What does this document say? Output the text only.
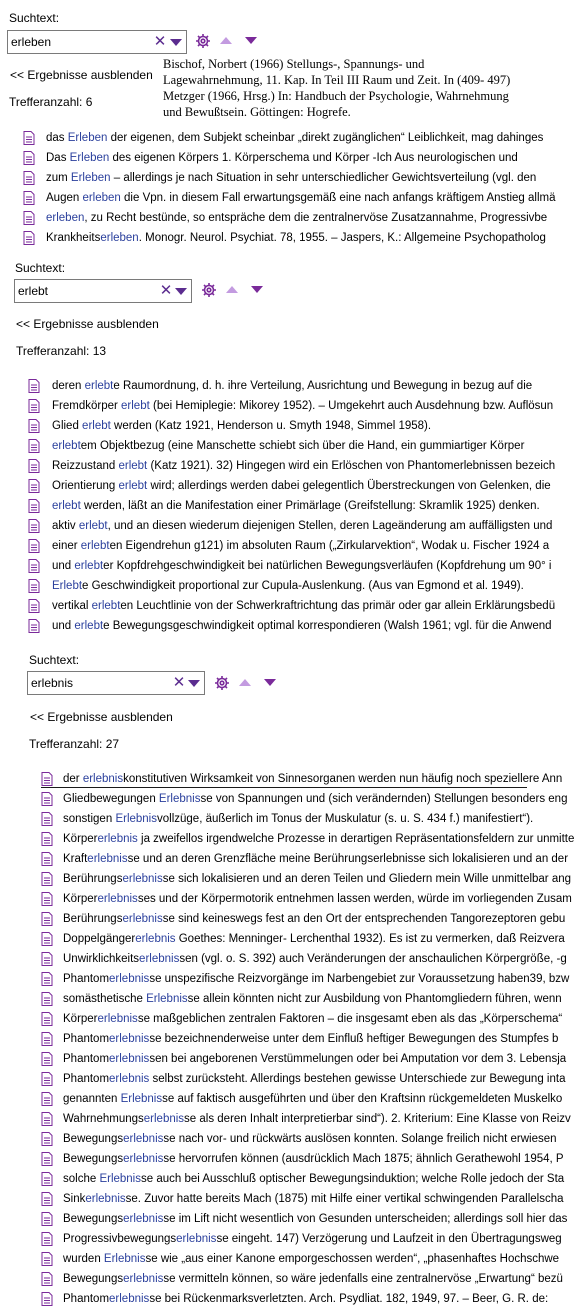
Suchtext:
erleben
✕
<< Ergebnisse ausblenden
Trefferanzahl: 6
das Erleben der eigenen, dem Subjekt scheinbar „direkt zugänglichen“ Leiblichkeit, mag dahinges
Das Erleben des eigenen Körpers 1. Körperschema und Körper -Ich Aus neurologischen und
zum Erleben – allerdings je nach Situation in sehr unterschiedlicher Gewichtsverteilung (vgl. den
Augen erleben die Vpn. in diesem Fall erwartungsgemäß eine nach anfangs kräftigem Anstieg allmä
erleben, zu Recht bestünde, so entspräche dem die zentralnervöse Zusatzannahme, Progressivbe
Krankheitserleben. Monogr. Neurol. Psychiat. 78, 1955. – Jaspers, K.: Allgemeine Psychopatholog
Bischof, Norbert (1966) Stellungs-, Spannungs- und
Lagewahrnehmung, 11. Kap. In Teil III Raum und Zeit. In (409- 497)
Metzger (1966, Hrsg.) In: Handbuch der Psychologie, Wahrnehmung
und Bewußtsein. Göttingen: Hogrefe.
Suchtext:
erlebt
✕
<< Ergebnisse ausblenden
Trefferanzahl: 13
deren erlebte Raumordnung, d. h. ihre Verteilung, Ausrichtung und Bewegung in bezug auf die
Fremdkörper erlebt (bei Hemiplegie: Mikorey 1952). – Umgekehrt auch Ausdehnung bzw. Auflösun
Glied erlebt werden (Katz 1921, Henderson u. Smyth 1948, Simmel 1958).
erlebtem Objektbezug (eine Manschette schiebt sich über die Hand, ein gummiartiger Körper
Reizzustand erlebt (Katz 1921). 32) Hingegen wird ein Erlöschen von Phantomerlebnissen bezeich
Orientierung erlebt wird; allerdings werden dabei gelegentlich Überstreckungen von Gelenken, die
erlebt werden, läßt an die Manifestation einer Primärlage (Greifstellung: Skramlik 1925) denken.
aktiv erlebt, und an diesen wiederum diejenigen Stellen, deren Lageänderung am auffälligsten und
einer erlebten Eigendrehun g121) im absoluten Raum („Zirkularvektion“, Wodak u. Fischer 1924 a
und erlebter Kopfdrehgeschwindigkeit bei natürlichen Bewegungsverläufen (Kopfdrehung um 90° i
Erlebte Geschwindigkeit proportional zur Cupula-Auslenkung. (Aus van Egmond et al. 1949).
vertikal erlebten Leuchtlinie von der Schwerkraftrichtung das primär oder gar allein Erklärungsbedü
und erlebte Bewegungsgeschwindigkeit optimal korrespondieren (Walsh 1961; vgl. für die Anwend
Suchtext:
erlebnis
✕
<< Ergebnisse ausblenden
Trefferanzahl: 27
der erlebniskonstitutiven Wirksamkeit von Sinnesorganen werden nun häufig noch speziellere Ann
Gliedbewegungen Erlebnisse von Spannungen und (sich verändernden) Stellungen besonders eng
sonstigen Erlebnisvollzüge, äußerlich im Tonus der Muskulatur (s. u. S. 434 f.) manifestiert“).
Körpererlebnis ja zweifellos irgendwelche Prozesse in derartigen Repräsentationsfeldern zur unmitte
Krafterlebnisse und an deren Grenzfläche meine Berührungserlebnisse sich lokalisieren und an der
Berührungserlebnisse sich lokalisieren und an deren Teilen und Gliedern mein Wille unmittelbar ang
Körpererlebnisses und der Körpermotorik entnehmen lassen werden, würde im vorliegenden Zusam
Berührungserlebnisse sind keineswegs fest an den Ort der entsprechenden Tangorezeptoren gebu
Doppelgängererlebnis Goethes: Menninger- Lerchenthal 1932). Es ist zu vermerken, daß Reizvera
Unwirklichkeitserlebnissen (vgl. o. S. 392) auch Veränderungen der anschaulichen Körpergröße, -g
Phantomerlebnisse unspezifische Reizvorgänge im Narbengebiet zur Voraussetzung haben39, bzw
somästhetische Erlebnisse allein könnten nicht zur Ausbildung von Phantomgliedern führen, wenn
Körpererlebnisse maßgeblichen zentralen Faktoren – die insgesamt eben als das „Körperschema“
Phantomerlebnisse bezeichnenderweise unter dem Einfluß heftiger Bewegungen des Stumpfes b
Phantomerlebnissen bei angeborenen Verstümmelungen oder bei Amputation vor dem 3. Lebensja
Phantomerlebnis selbst zurücksteht. Allerdings bestehen gewisse Unterschiede zur Bewegung inta
genannten Erlebnisse auf faktisch ausgeführten und über den Kraftsinn rückgemeldeten Muskelko
Wahrnehmungserlebnisse als deren Inhalt interpretierbar sind“). 2. Kriterium: Eine Klasse von Reizv
Bewegungserlebnisse nach vor- und rückwärts auslösen konnten. Solange freilich nicht erwiesen
Bewegungserlebnisse hervorrufen können (ausdrücklich Mach 1875; ähnlich Gerathewohl 1954, P
solche Erlebnisse auch bei Ausschluß optischer Bewegungsinduktion; welche Rolle jedoch der Sta
Sinkerlebnisse. Zuvor hatte bereits Mach (1875) mit Hilfe einer vertikal schwingenden Parallelscha
Bewegungserlebnisse im Lift nicht wesentlich von Gesunden unterscheiden; allerdings soll hier das
Progressivbewegungserlebnisse eingeht. 147) Verzögerung und Laufzeit in den Übertragungsweg
wurden Erlebnisse wie „aus einer Kanone emporgeschossen werden“, „phasenhaftes Hochschwe
Bewegungserlebnisse vermitteln können, so wäre jedenfalls eine zentralnervöse „Erwartung“ bezü
Phantomerlebnisse bei Rückenmarksverletzten. Arch. Psydliat. 182, 1949, 97. – Beer, G. R. de:
